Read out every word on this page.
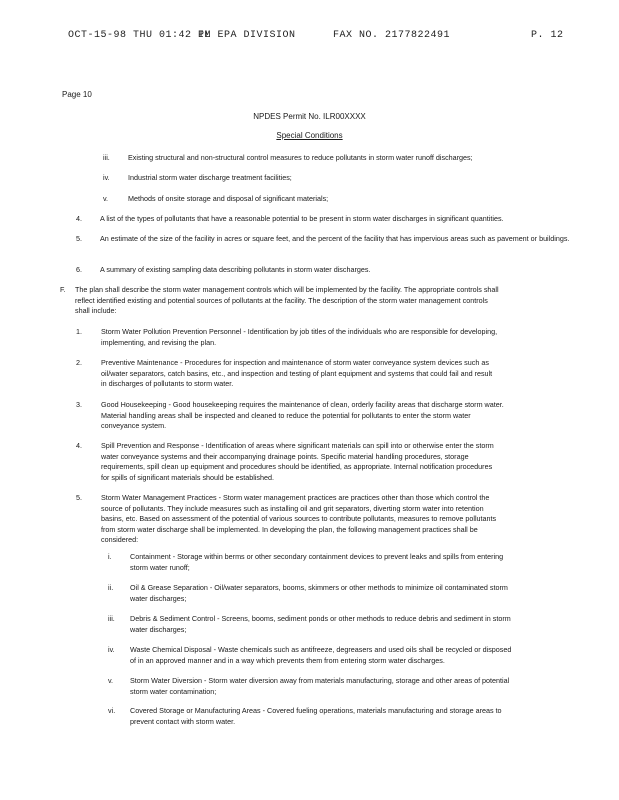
OCT-15-98 THU 01:42 PM
IL EPA DIVISION	FAX NO. 2177822491	P. 12
Page 10
NPDES Permit No. ILR00XXXX
Special Conditions
iii.	Existing structural and non-structural control measures to reduce pollutants in storm water runoff discharges;
iv.	Industrial storm water discharge treatment facilities;
v.	Methods of onsite storage and disposal of significant materials;
4.	A list of the types of pollutants that have a reasonable potential to be present in storm water discharges in significant quantities.
5.	An estimate of the size of the facility in acres or square feet, and the percent of the facility that has impervious areas such as pavement or buildings.
6.	A summary of existing sampling data describing pollutants in storm water discharges.
F. The plan shall describe the storm water management controls which will be implemented by the facility. The appropriate controls shall
reflect identified existing and potential sources of pollutants at the facility. The description of the storm water management controls
shall include:
1.	Storm Water Pollution Prevention Personnel - Identification by job titles of the individuals who are responsible for developing,
implementing, and revising the plan.
2.	Preventive Maintenance - Procedures for inspection and maintenance of storm water conveyance system devices such as
oil/water separators, catch basins, etc., and inspection and testing of plant equipment and systems that could fail and result
in discharges of pollutants to storm water.
3.	Good Housekeeping - Good housekeeping requires the maintenance of clean, orderly facility areas that discharge storm water.
Material handling areas shall be inspected and cleaned to reduce the potential for pollutants to enter the storm water
conveyance system.
4.	Spill Prevention and Response - Identification of areas where significant materials can spill into or otherwise enter the storm
water conveyance systems and their accompanying drainage points. Specific material handling procedures, storage
requirements, spill clean up equipment and procedures should be identified, as appropriate. Internal notification procedures
for spills of significant materials should be established.
5.	Storm Water Management Practices - Storm water management practices are practices other than those which control the
source of pollutants. They include measures such as installing oil and grit separators, diverting storm water into retention
basins, etc. Based on assessment of the potential of various sources to contribute pollutants, measures to remove pollutants
from storm water discharge shall be implemented. In developing the plan, the following management practices shall be
considered:
i.	Containment - Storage within berms or other secondary containment devices to prevent leaks and spills from entering
storm water runoff;
ii. Oil & Grease Separation - Oil/water separators, booms, skimmers or other methods to minimize oil contaminated storm
water discharges;
iii. Debris & Sediment Control - Screens, booms, sediment ponds or other methods to reduce debris and sediment in storm
water discharges;
iv. Waste Chemical Disposal - Waste chemicals such as antifreeze, degreasers and used oils shall be recycled or disposed
of in an approved manner and in a way which prevents them from entering storm water discharges.
v. Storm Water Diversion - Storm water diversion away from materials manufacturing, storage and other areas of potential
storm water contamination;
vi. Covered Storage or Manufacturing Areas - Covered fueling operations, materials manufacturing and storage areas to
prevent contact with storm water.
